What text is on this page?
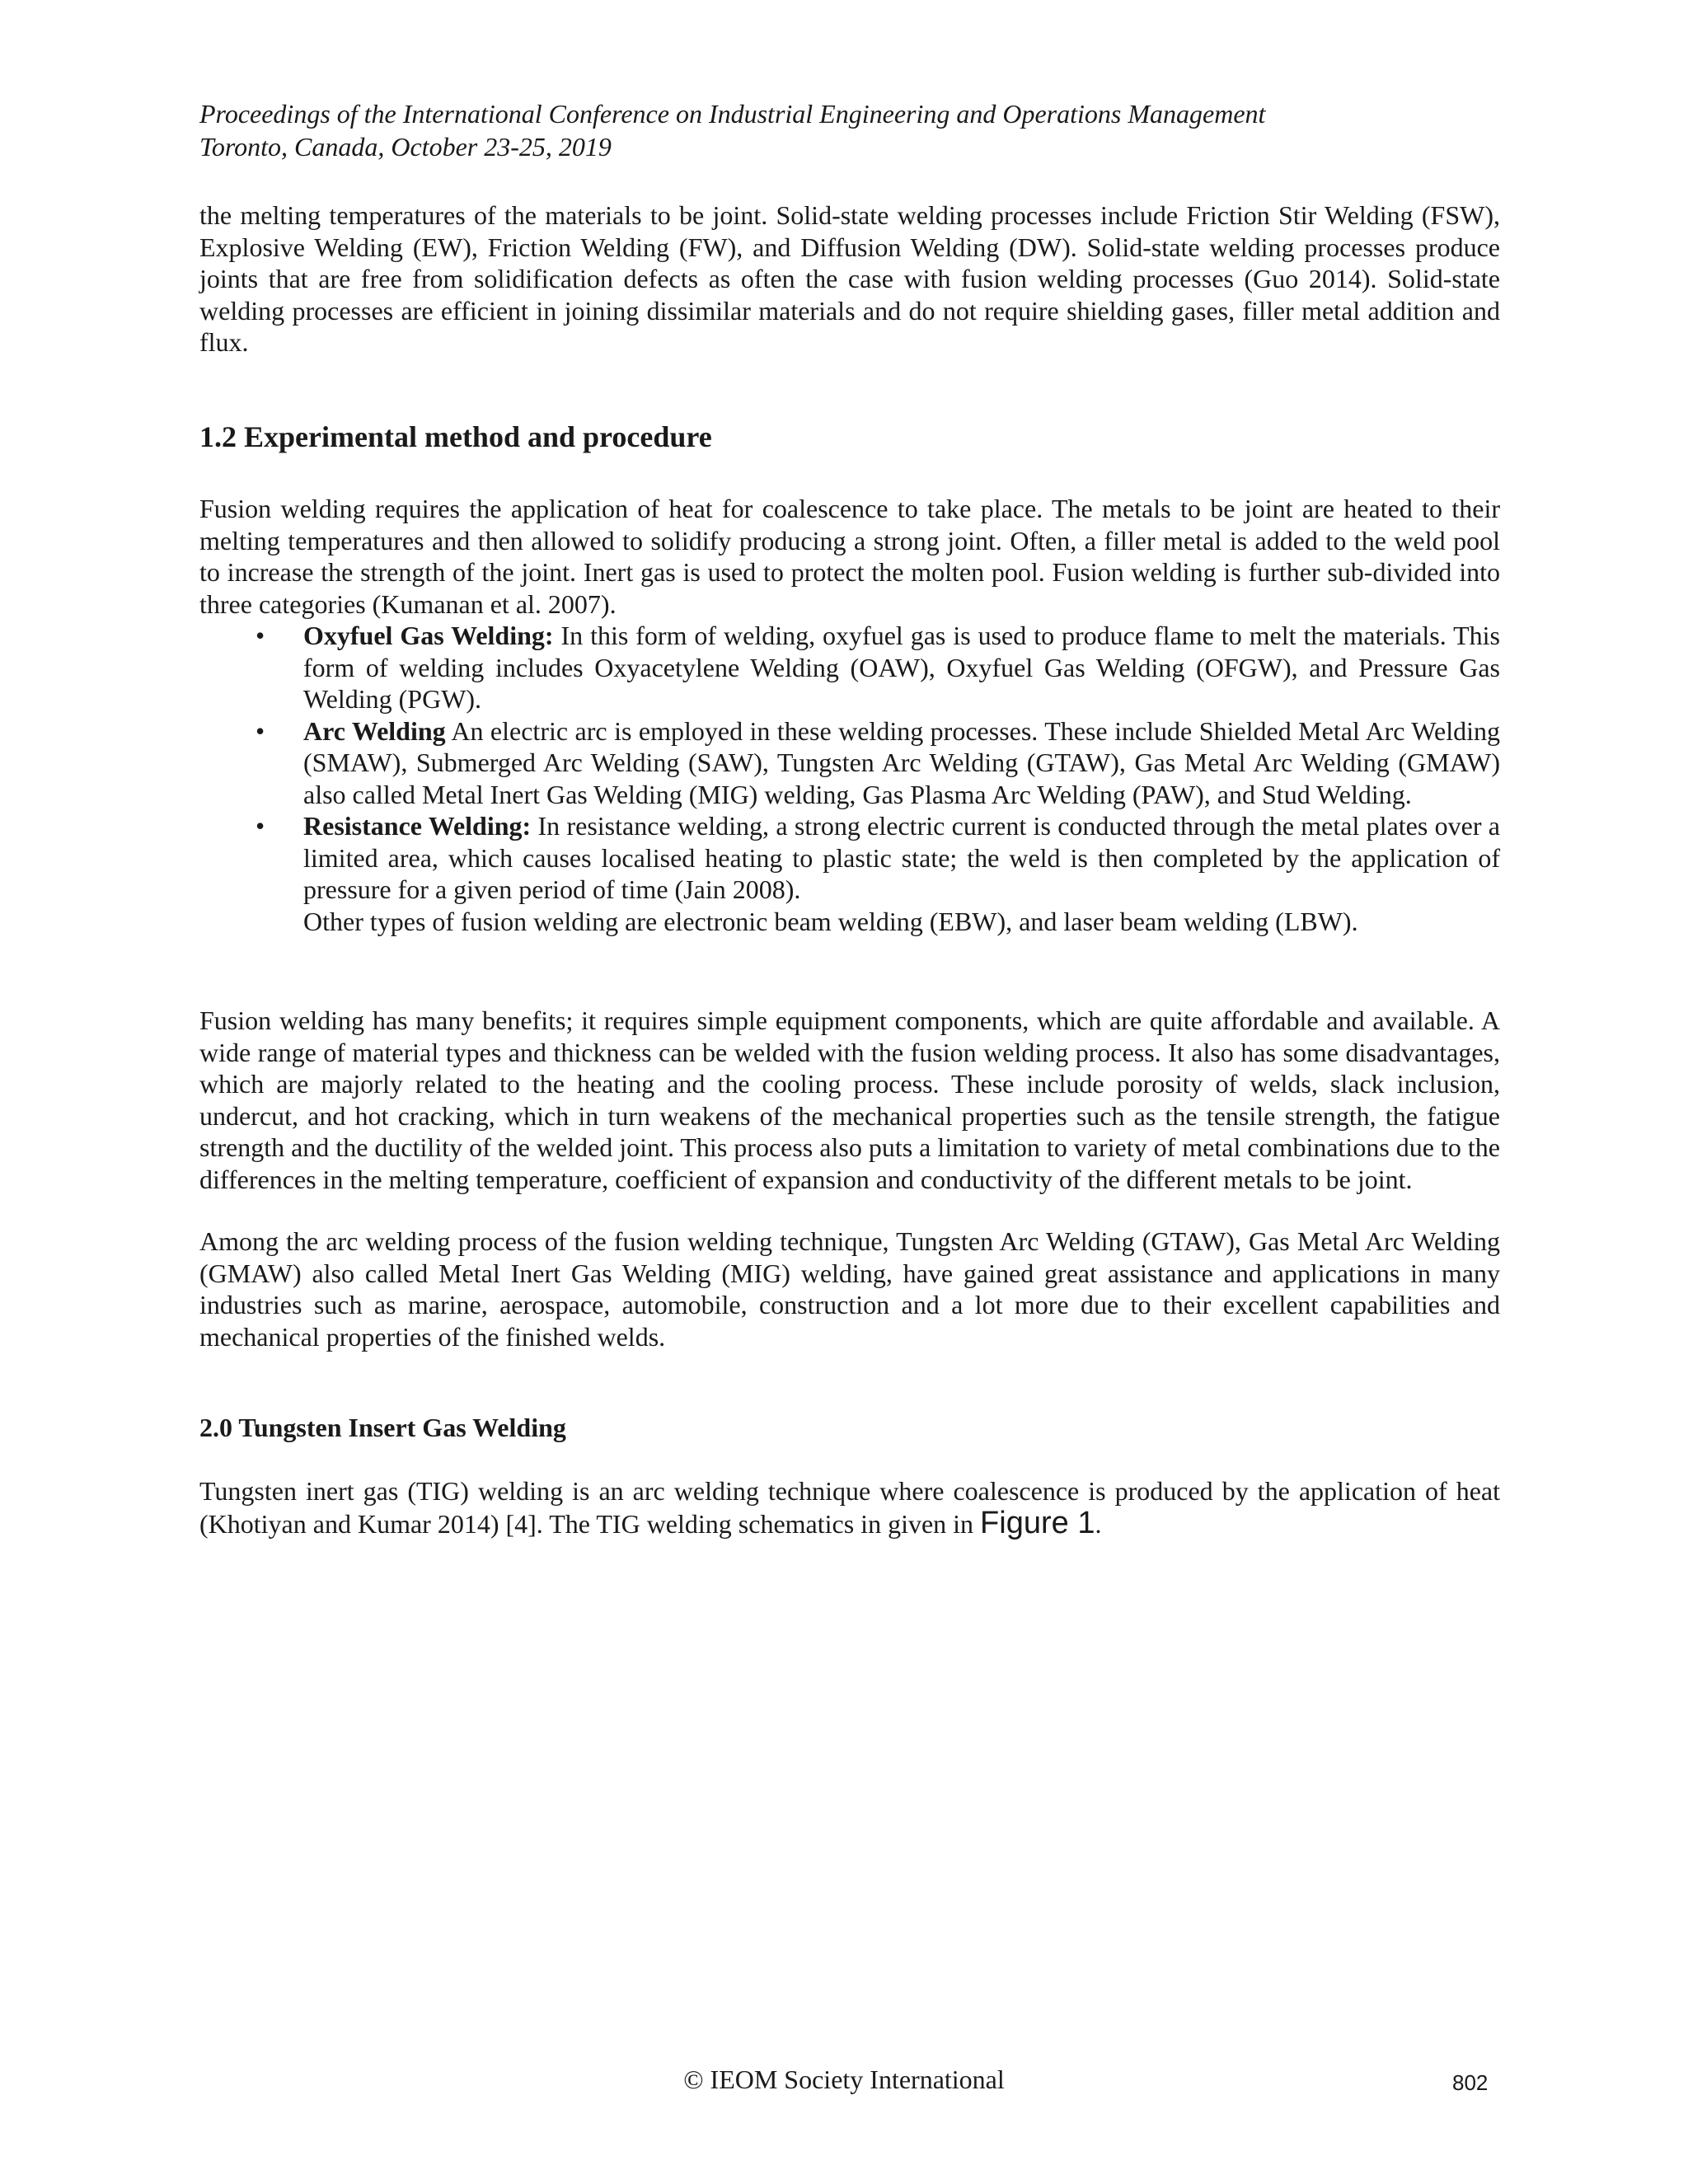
Proceedings of the International Conference on Industrial Engineering and Operations Management
Toronto, Canada, October 23-25, 2019

the melting temperatures of the materials to be joint. Solid-state welding processes include Friction Stir Welding (FSW), Explosive Welding (EW), Friction Welding (FW), and Diffusion Welding (DW). Solid-state welding processes produce joints that are free from solidification defects as often the case with fusion welding processes (Guo 2014). Solid-state welding processes are efficient in joining dissimilar materials and do not require shielding gases, filler metal addition and flux.

1.2 Experimental method and procedure

Fusion welding requires the application of heat for coalescence to take place. The metals to be joint are heated to their melting temperatures and then allowed to solidify producing a strong joint. Often, a filler metal is added to the weld pool to increase the strength of the joint. Inert gas is used to protect the molten pool. Fusion welding is further sub-divided into three categories (Kumanan et al. 2007).

• Oxyfuel Gas Welding: In this form of welding, oxyfuel gas is used to produce flame to melt the materials. This form of welding includes Oxyacetylene Welding (OAW), Oxyfuel Gas Welding (OFGW), and Pressure Gas Welding (PGW).
• Arc Welding An electric arc is employed in these welding processes. These include Shielded Metal Arc Welding (SMAW), Submerged Arc Welding (SAW), Tungsten Arc Welding (GTAW), Gas Metal Arc Welding (GMAW) also called Metal Inert Gas Welding (MIG) welding, Gas Plasma Arc Welding (PAW), and Stud Welding.
• Resistance Welding: In resistance welding, a strong electric current is conducted through the metal plates over a limited area, which causes localised heating to plastic state; the weld is then completed by the application of pressure for a given period of time (Jain 2008).

Other types of fusion welding are electronic beam welding (EBW), and laser beam welding (LBW).

Fusion welding has many benefits; it requires simple equipment components, which are quite affordable and available. A wide range of material types and thickness can be welded with the fusion welding process. It also has some disadvantages, which are majorly related to the heating and the cooling process. These include porosity of welds, slack inclusion, undercut, and hot cracking, which in turn weakens of the mechanical properties such as the tensile strength, the fatigue strength and the ductility of the welded joint. This process also puts a limitation to variety of metal combinations due to the differences in the melting temperature, coefficient of expansion and conductivity of the different metals to be joint.

Among the arc welding process of the fusion welding technique, Tungsten Arc Welding (GTAW), Gas Metal Arc Welding (GMAW) also called Metal Inert Gas Welding (MIG) welding, have gained great assistance and applications in many industries such as marine, aerospace, automobile, construction and a lot more due to their excellent capabilities and mechanical properties of the finished welds.

2.0 Tungsten Insert Gas Welding

Tungsten inert gas (TIG) welding is an arc welding technique where coalescence is produced by the application of heat (Khotiyan and Kumar 2014) [4]. The TIG welding schematics in given in Figure 1.

© IEOM Society International	802
